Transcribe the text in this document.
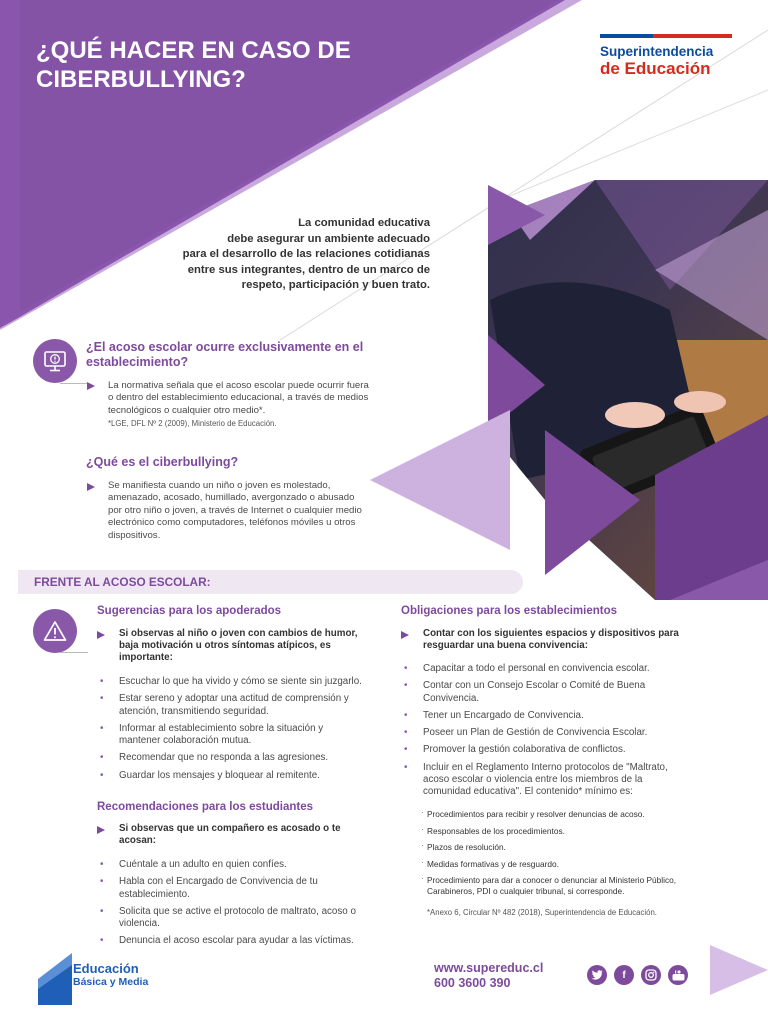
¿QUÉ HACER EN CASO DE
CIBERBULLYING?
Superintendencia
de Educación
La comunidad educativa
debe asegurar un ambiente adecuado
para el desarrollo de las relaciones cotidianas
entre sus integrantes, dentro de un marco de
respeto, participación y buen trato.
¿El acoso escolar ocurre exclusivamente en el establecimiento?
La normativa señala que el acoso escolar puede ocurrir fuera o dentro del establecimiento educacional, a través de medios tecnológicos o cualquier otro medio*.
*LGE, DFL Nº 2 (2009), Ministerio de Educación.
¿Qué es el ciberbullying?
Se manifiesta cuando un niño o joven es molestado, amenazado, acosado, humillado, avergonzado o abusado por otro niño o joven, a través de Internet o cualquier medio electrónico como computadores, teléfonos móviles u otros dispositivos.
FRENTE AL ACOSO ESCOLAR:
Sugerencias para los apoderados
Si observas al niño o joven con cambios de humor, baja motivación u otros síntomas atípicos, es importante:
• Escuchar lo que ha vivido y cómo se siente sin juzgarlo.
• Estar sereno y adoptar una actitud de comprensión y atención, transmitiendo seguridad.
• Informar al establecimiento sobre la situación y mantener colaboración mutua.
• Recomendar que no responda a las agresiones.
• Guardar los mensajes y bloquear al remitente.
Recomendaciones para los estudiantes
Si observas que un compañero es acosado o te acosan:
• Cuéntale a un adulto en quien confíes.
• Habla con el Encargado de Convivencia de tu establecimiento.
• Solicita que se active el protocolo de maltrato, acoso o violencia.
• Denuncia el acoso escolar para ayudar a las víctimas.
Obligaciones para los establecimientos
Contar con los siguientes espacios y dispositivos para resguardar una buena convivencia:
• Capacitar a todo el personal en convivencia escolar.
• Contar con un Consejo Escolar o Comité de Buena Convivencia.
• Tener un Encargado de Convivencia.
• Poseer un Plan de Gestión de Convivencia Escolar.
• Promover la gestión colaborativa de conflictos.
• Incluir en el Reglamento Interno protocolos de "Maltrato, acoso escolar o violencia entre los miembros de la comunidad educativa". El contenido* mínimo es:
· Procedimientos para recibir y resolver denuncias de acoso.
· Responsables de los procedimientos.
· Plazos de resolución.
· Medidas formativas y de resguardo.
· Procedimiento para dar a conocer o denunciar al Ministerio Público, Carabineros, PDI o cualquier tribunal, si corresponde.
*Anexo 6, Circular Nº 482 (2018), Superintendencia de Educación.
Educación
Básica y Media
www.supereduc.cl
600 3600 390
f
